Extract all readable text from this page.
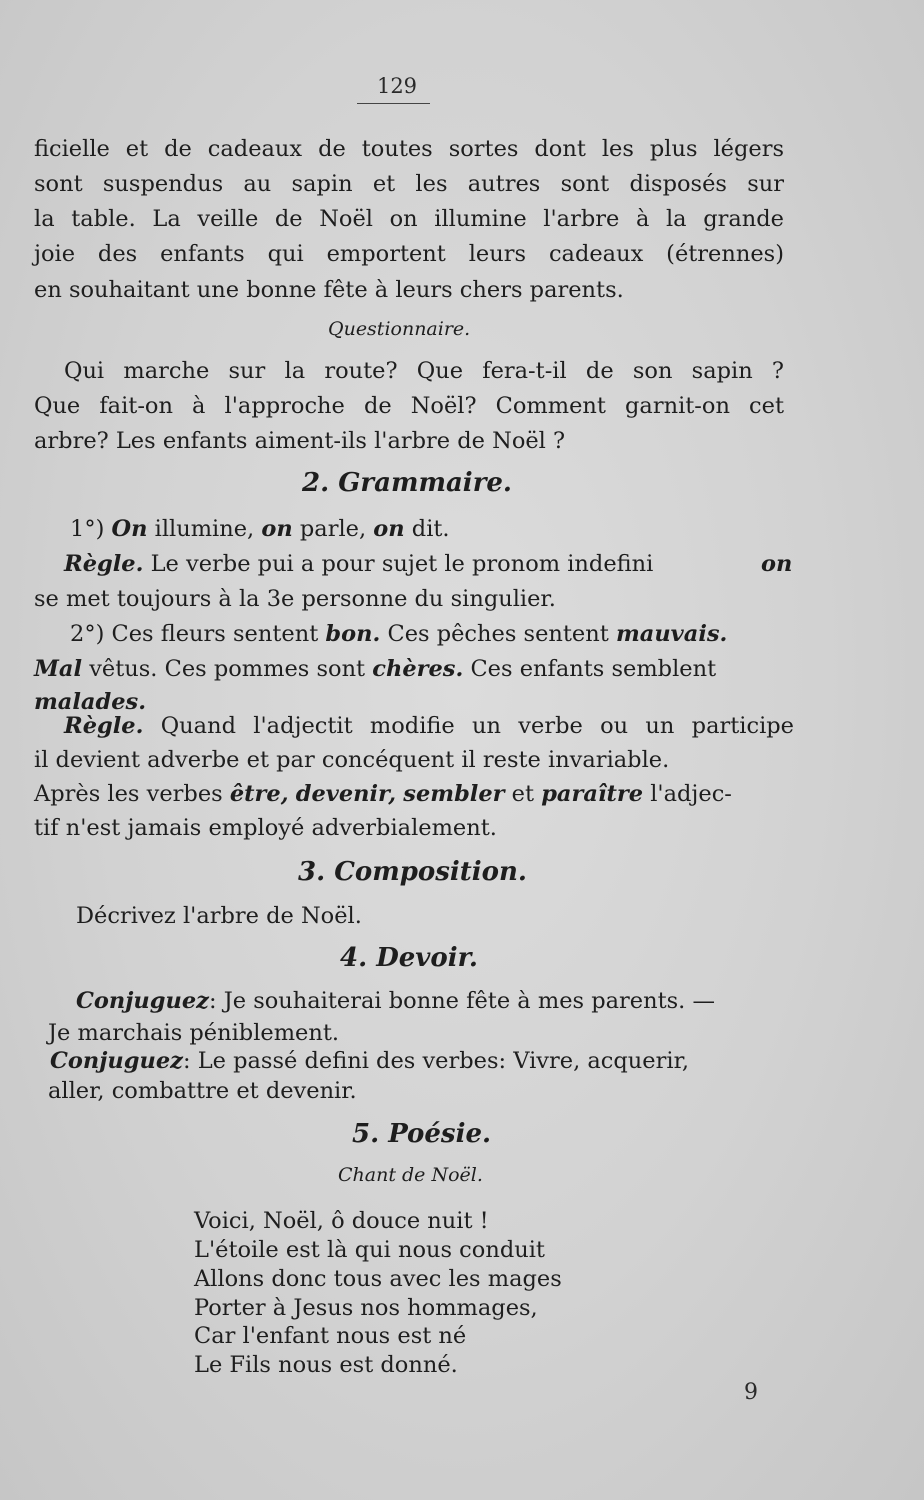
129
ficielle et de cadeaux de toutes sortes dont les plus légers
sont suspendus au sapin et les autres sont disposés sur
la table. La veille de Noël on illumine l'arbre à la grande
joie des enfants qui emportent leurs cadeaux (étrennes)
en souhaitant une bonne fête à leurs chers parents.
Questionnaire.
Qui marche sur la route? Que fera-t-il de son sapin ?
Que fait-on à l'approche de Noël? Comment garnit-on cet
arbre? Les enfants aiment-ils l'arbre de Noël ?
2. Grammaire.
1°) On illumine, on parle, on dit.
Règle. Le verbe pui a pour sujet le pronom indefini	on
se met toujours à la 3e personne du singulier.
2°) Ces fleurs sentent bon. Ces pêches sentent mauvais.
Mal vêtus. Ces pommes sont chères. Ces enfants semblent
malades.
Règle. Quand l'adjectit modifie un verbe ou un participe
il devient adverbe et par concéquent il reste invariable.
Après les verbes être, devenir, sembler et paraître l'adjec-
tif n'est jamais employé adverbialement.
3. Composition.
Décrivez l'arbre de Noël.
4. Devoir.
Conjuguez: Je souhaiterai bonne fête à mes parents. —
Je marchais péniblement.
Conjuguez: Le passé defini des verbes: Vivre, acquerir,
aller, combattre et devenir.
5. Poésie.
Chant de Noël.
Voici, Noël, ô douce nuit !
L'étoile est là qui nous conduit
Allons donc tous avec les mages
Porter à Jesus nos hommages,
Car l'enfant nous est né
Le Fils nous est donné.
9
